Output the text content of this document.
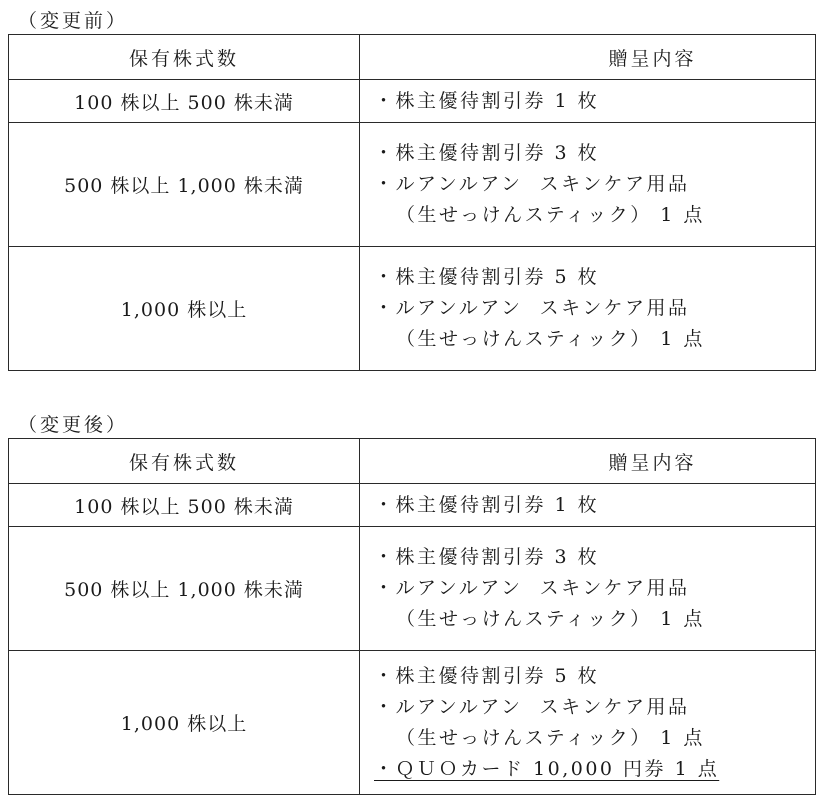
（変更前）
保有株式数	贈呈内容
100 株以上 500 株未満	・株主優待割引券 1 枚

500 株以上 1,000 株未満	・株主優待割引券 3 枚
・ルアンルアン  スキンケア用品
（生せっけんスティック） 1 点

1,000 株以上	・株主優待割引券 5 枚
・ルアンルアン  スキンケア用品
（生せっけんスティック） 1 点
（変更後）
保有株式数	贈呈内容
100 株以上 500 株未満	・株主優待割引券 1 枚

500 株以上 1,000 株未満	・株主優待割引券 3 枚
・ルアンルアン  スキンケア用品
（生せっけんスティック） 1 点

1,000 株以上	・株主優待割引券 5 枚
・ルアンルアン  スキンケア用品
（生せっけんスティック） 1 点
・ＱＵＯカード 10,000 円券 1 点
